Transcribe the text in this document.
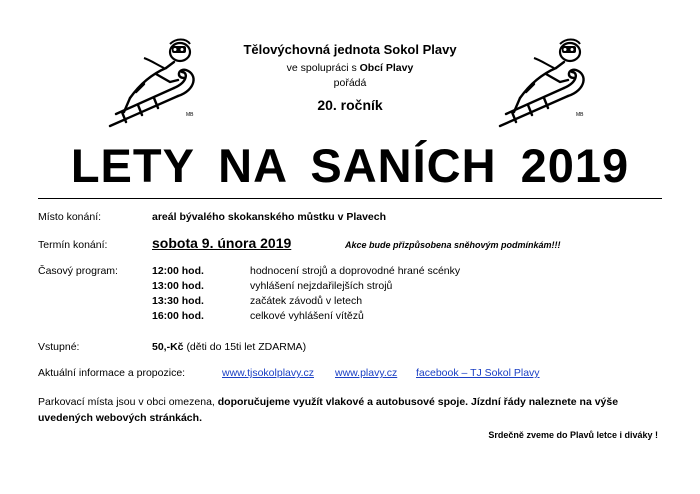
MB	MB
Tělovýchovná jednota Sokol Plavy
ve spolupráci s Obcí Plavy
pořádá
20. ročník
LETY NA SANÍCH 2019
Místo konání:	areál bývalého skokanského můstku v Plavech
Termín konání:	sobota 9. února 2019	Akce bude přizpůsobena sněhovým podmínkám!!!
Časový program:	12:00 hod.	hodnocení strojů a doprovodné hrané scénky
13:00 hod.	vyhlášení nejzdařilejších strojů
13:30 hod.	začátek závodů v letech
16:00 hod.	celkové vyhlášení vítězů
Vstupné:	50,-Kč (děti do 15ti let ZDARMA)
Aktuální informace a propozice:	www.tjsokolplavy.cz www.plavy.cz facebook – TJ Sokol Plavy
Parkovací místa jsou v obci omezena, doporučujeme využít vlakové a autobusové spoje. Jízdní řády naleznete na výše uvedených webových stránkách.
Srdečně zveme do Plavů letce i diváky !
